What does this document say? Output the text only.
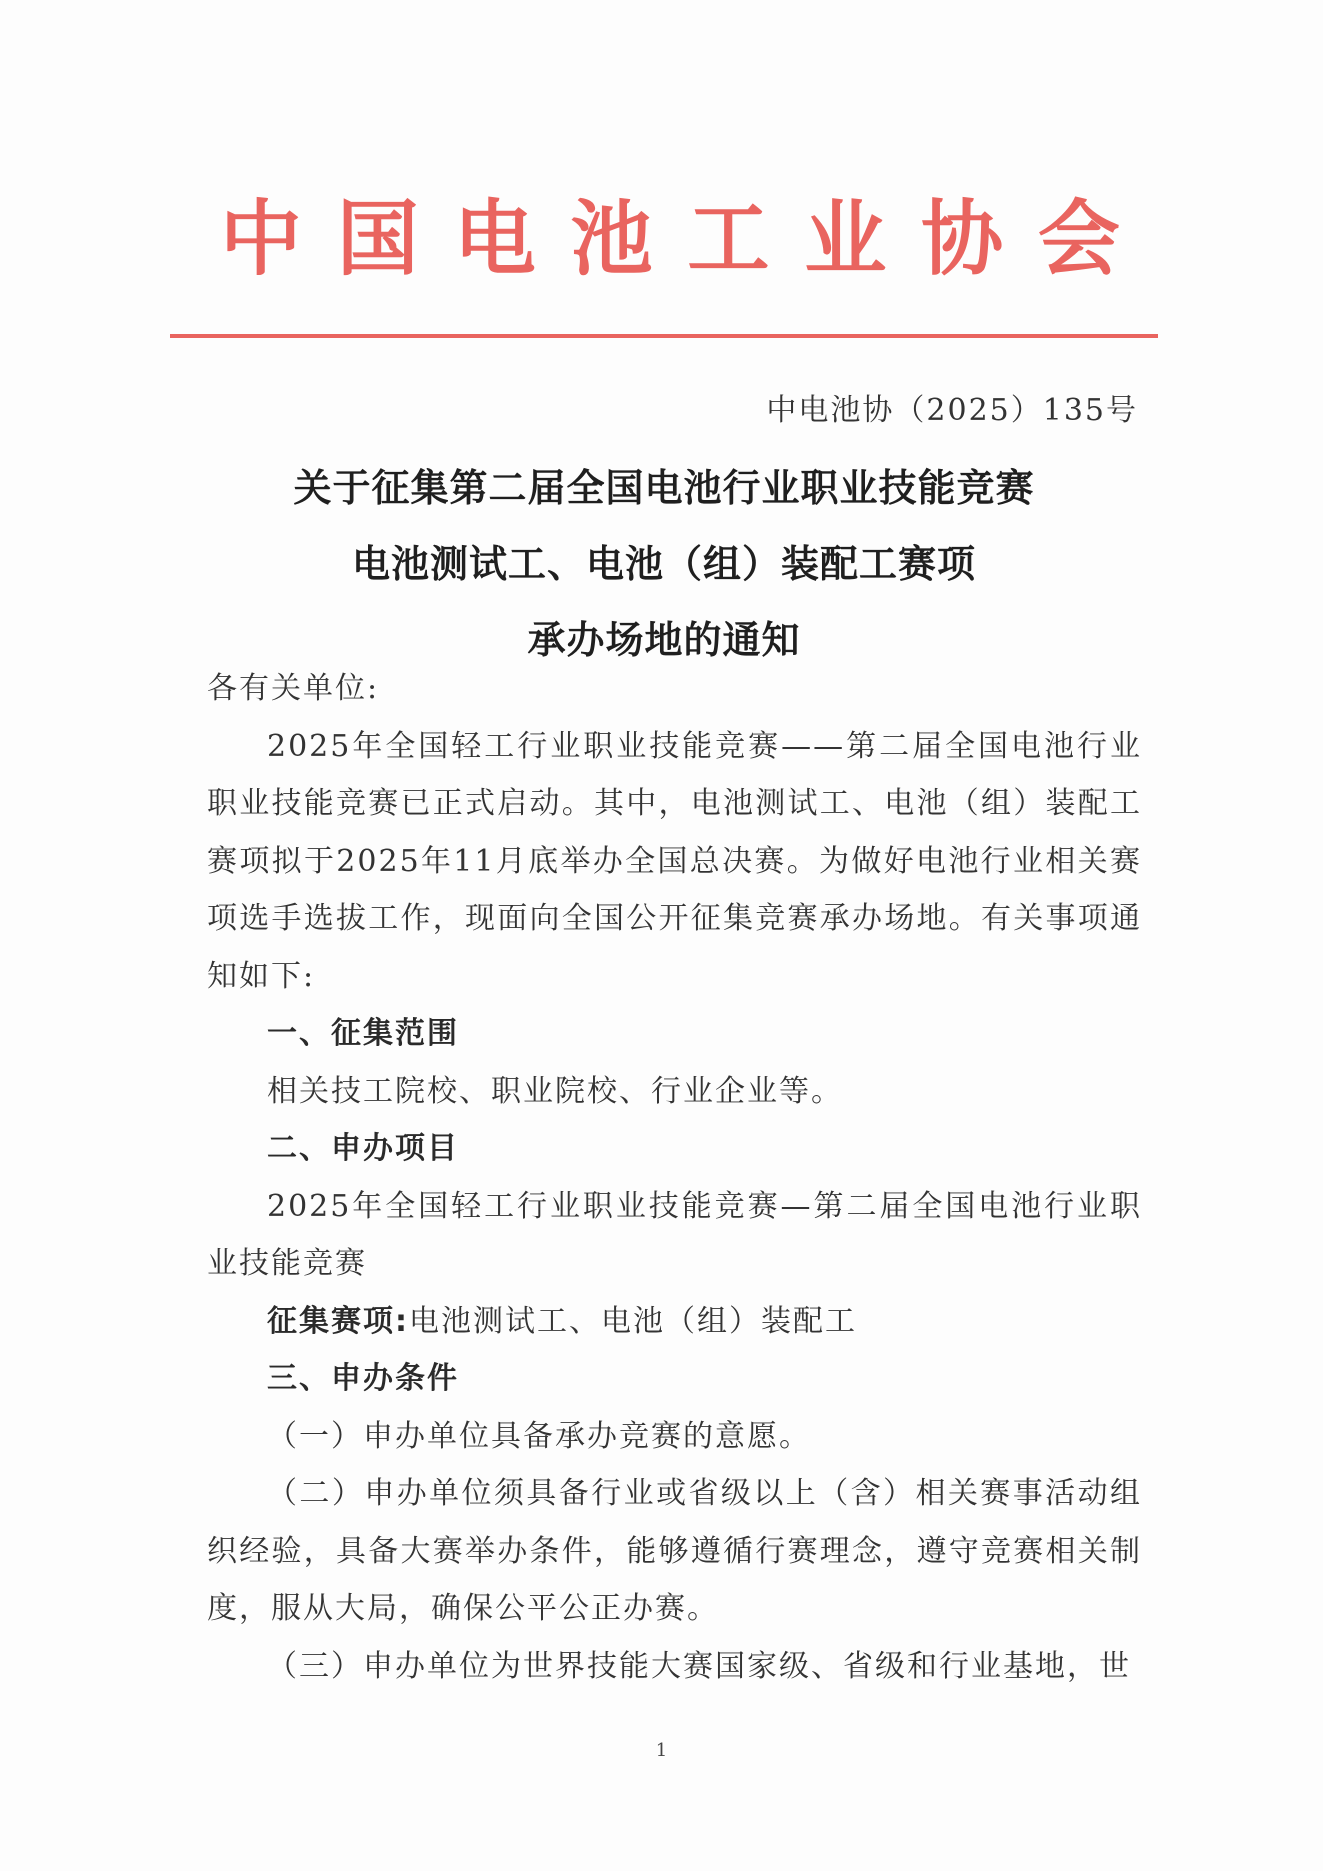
中 国 电 池 工 业 协 会
中电池协（2025）135号
关于征集第二届全国电池行业职业技能竞赛
电池测试工、电池（组）装配工赛项
承办场地的通知

各有关单位:

2025年全国轻工行业职业技能竞赛——第二届全国电池行业职业技能竞赛已正式启动。其中，电池测试工、电池（组）装配工赛项拟于2025年11月底举办全国总决赛。为做好电池行业相关赛项选手选拔工作，现面向全国公开征集竞赛承办场地。有关事项通知如下:

一、征集范围

相关技工院校、职业院校、行业企业等。

二、申办项目

2025年全国轻工行业职业技能竞赛—第二届全国电池行业职业技能竞赛

征集赛项:电池测试工、电池（组）装配工

三、申办条件

（一）申办单位具备承办竞赛的意愿。

（二）申办单位须具备行业或省级以上（含）相关赛事活动组织经验，具备大赛举办条件，能够遵循行赛理念，遵守竞赛相关制度，服从大局，确保公平公正办赛。

（三）申办单位为世界技能大赛国家级、省级和行业基地，世

1
